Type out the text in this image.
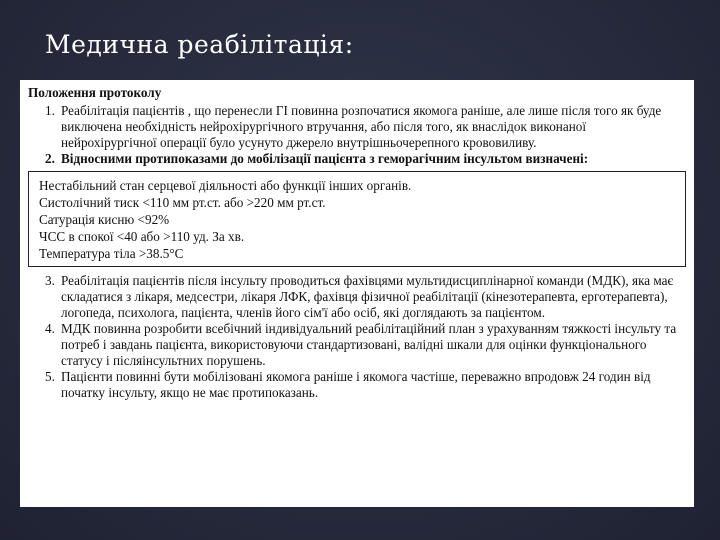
Медична реабілітація:
Положення протоколу
1. Реабілітація пацієнтів , що перенесли ГІ повинна розпочатися якомога раніше, але лише після того як буде виключена необхідність нейрохірургічного втручання, або після того, як внаслідок виконаної нейрохірургічної операції було усунуто джерело внутрішньочерепного крововиливу.
2. Відносними протипоказами до мобілізації пацієнта з геморагічним інсультом визначені:
Нестабільний стан серцевої діяльності або функції інших органів.
Систолічний тиск <110 мм рт.ст. або >220 мм рт.ст.
Сатурація кисню <92%
ЧСС в спокої <40 або >110 уд. За хв.
Температура тіла >38.5°С
3. Реабілітація пацієнтів після інсульту проводиться фахівцями мультидисциплінарної команди (МДК), яка має складатися з лікаря, медсестри, лікаря ЛФК, фахівця фізичної реабілітації (кінезотерапевта, ерготерапевта), логопеда, психолога, пацієнта, членів його сім'ї або осіб, які доглядають за пацієнтом.
4. МДК повинна розробити всебічний індивідуальний реабілітаційний план з урахуванням тяжкості інсульту та потреб і завдань пацієнта, використовуючи стандартизовані, валідні шкали для оцінки функціонального статусу і післяінсультних порушень.
5. Пацієнти повинні бути мобілізовані якомога раніше і якомога частіше, переважно впродовж 24 годин від початку інсульту, якщо не має протипоказань.
